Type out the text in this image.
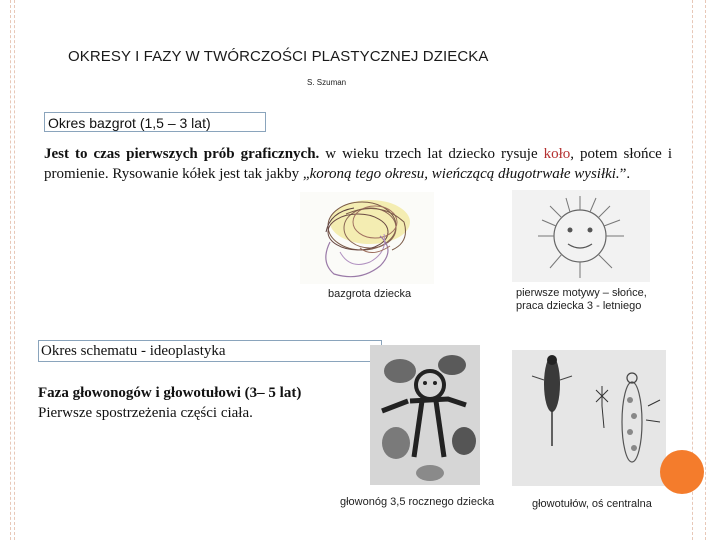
OKRESY I FAZY W TWÓRCZOŚCI PLASTYCZNEJ DZIECKA
S. Szuman
Okres bazgrot (1,5 – 3 lat)
Jest to czas pierwszych prób graficznych. w wieku trzech lat dziecko rysuje koło, potem słońce i promienie. Rysowanie kółek jest tak jakby „koroną tego okresu, wieńczącą długotrwałe wysiłki.”.
bazgrota dziecka	pierwsze motywy – słońce,
praca dziecka 3 - letniego
Okres schematu - ideoplastyka
Faza głowonogów i głowotułowi (3– 5 lat)
Pierwsze spostrzeżenia części ciała.
głowonóg 3,5 rocznego dziecka	głowotułów, oś centralna
